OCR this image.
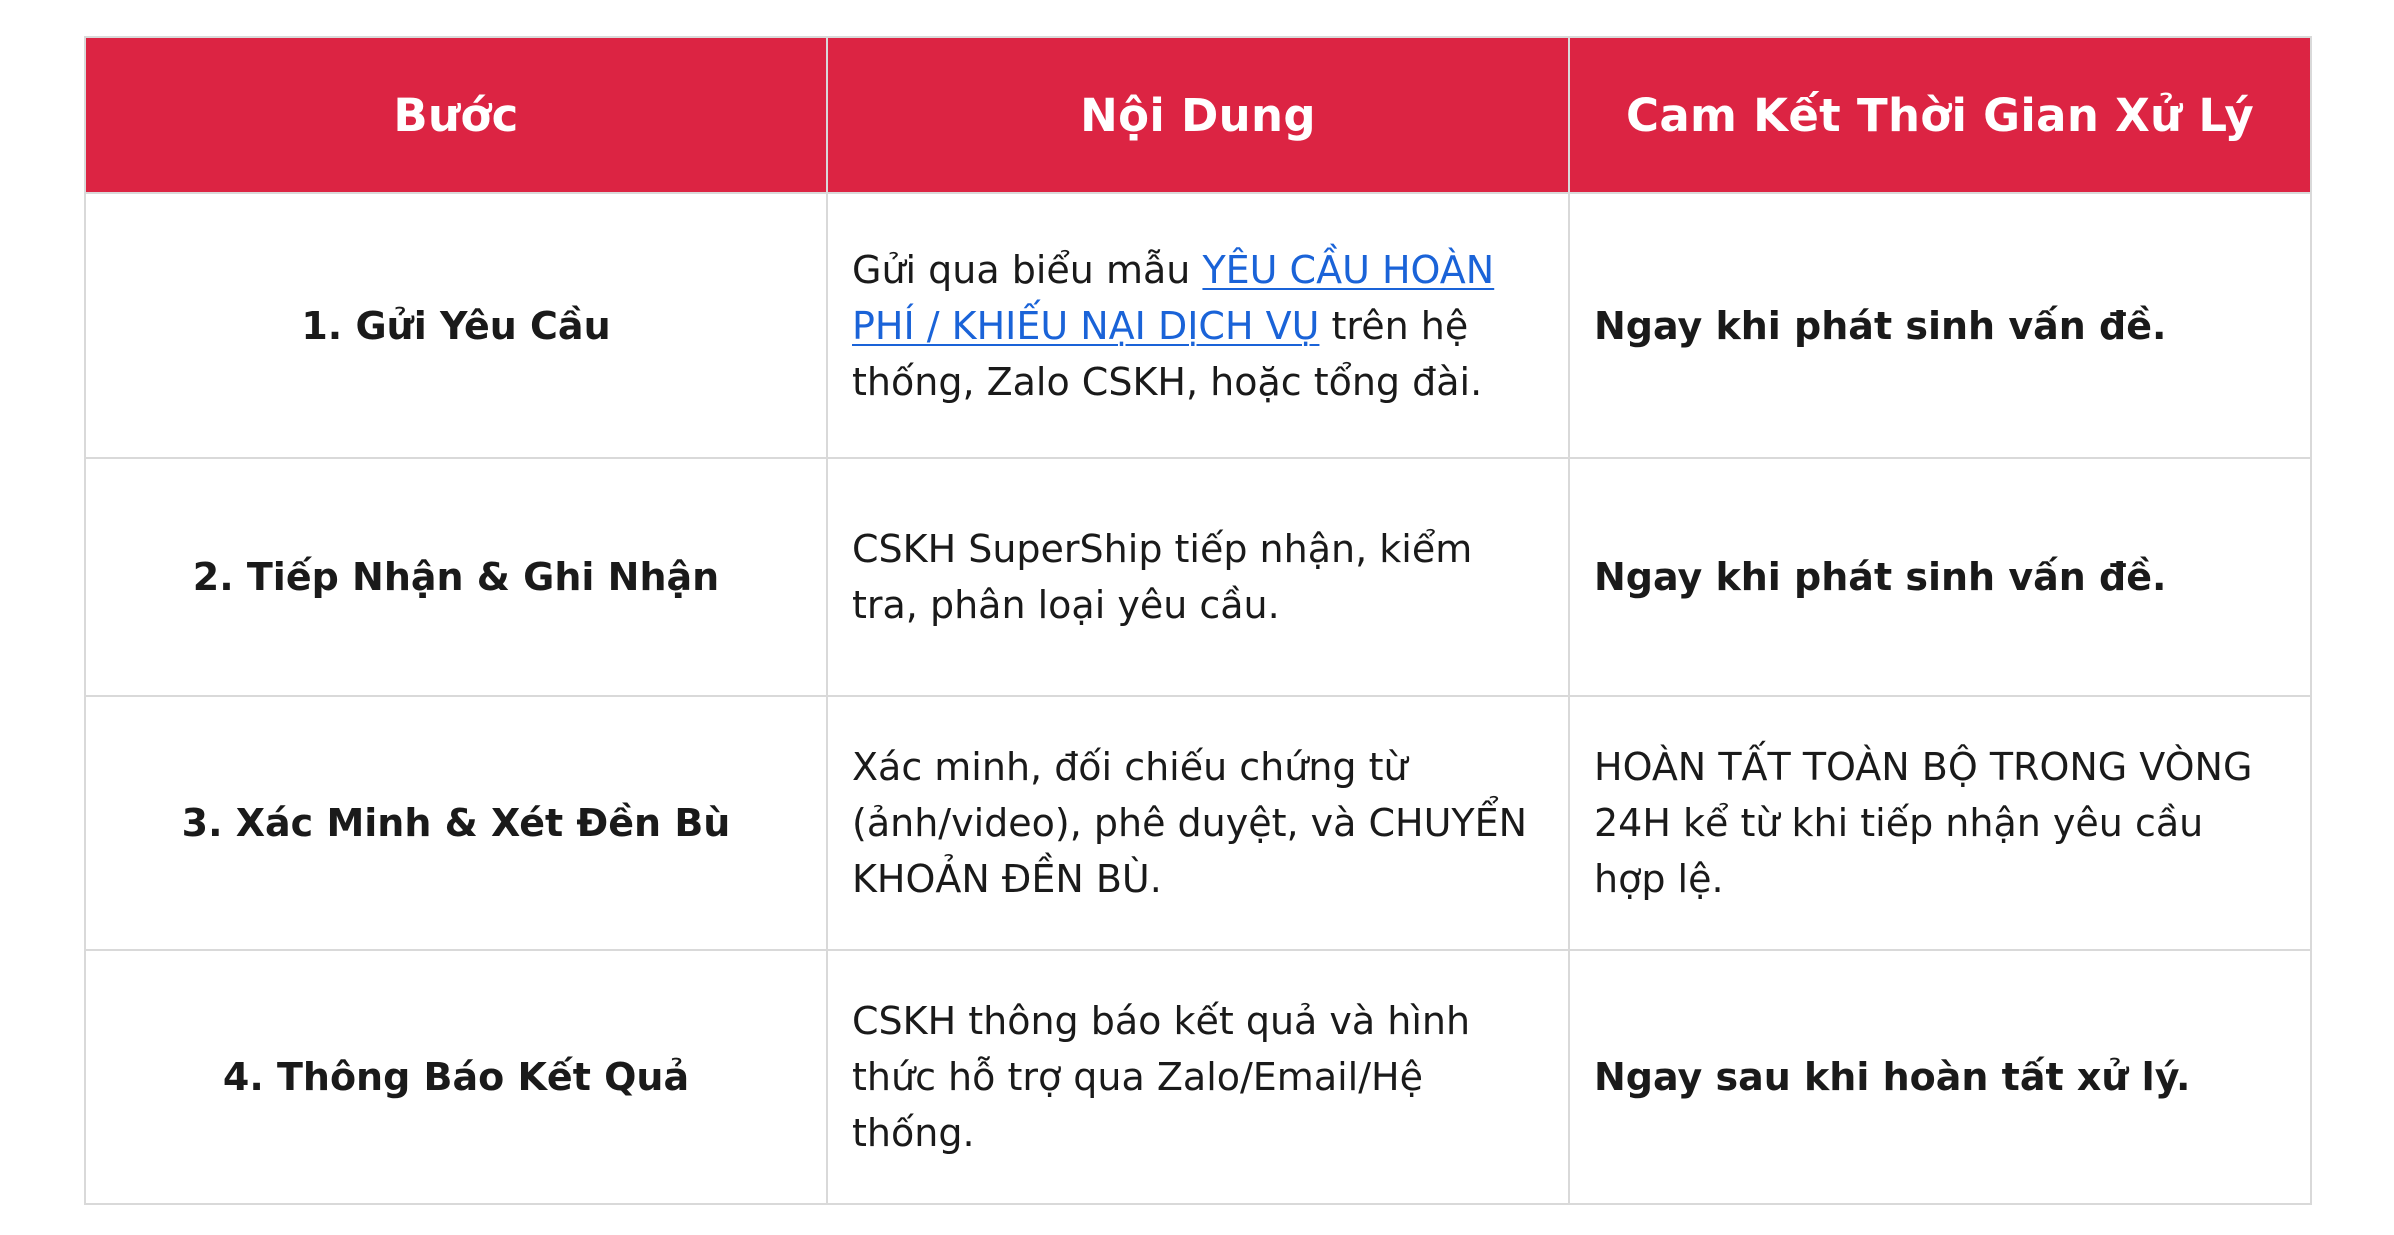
Bước	Nội Dung	Cam Kết Thời Gian Xử Lý
1. Gửi Yêu Cầu	Gửi qua biểu mẫu YÊU CẦU HOÀN PHÍ / KHIẾU NẠI DỊCH VỤ trên hệ thống, Zalo CSKH, hoặc tổng đài.	Ngay khi phát sinh vấn đề.
2. Tiếp Nhận & Ghi Nhận	CSKH SuperShip tiếp nhận, kiểm tra, phân loại yêu cầu.	Ngay khi phát sinh vấn đề.
3. Xác Minh & Xét Đền Bù	Xác minh, đối chiếu chứng từ (ảnh/video), phê duyệt, và CHUYỂN KHOẢN ĐỀN BÙ.	HOÀN TẤT TOÀN BỘ TRONG VÒNG 24H kể từ khi tiếp nhận yêu cầu hợp lệ.
4. Thông Báo Kết Quả	CSKH thông báo kết quả và hình thức hỗ trợ qua Zalo/Email/Hệ thống.	Ngay sau khi hoàn tất xử lý.
